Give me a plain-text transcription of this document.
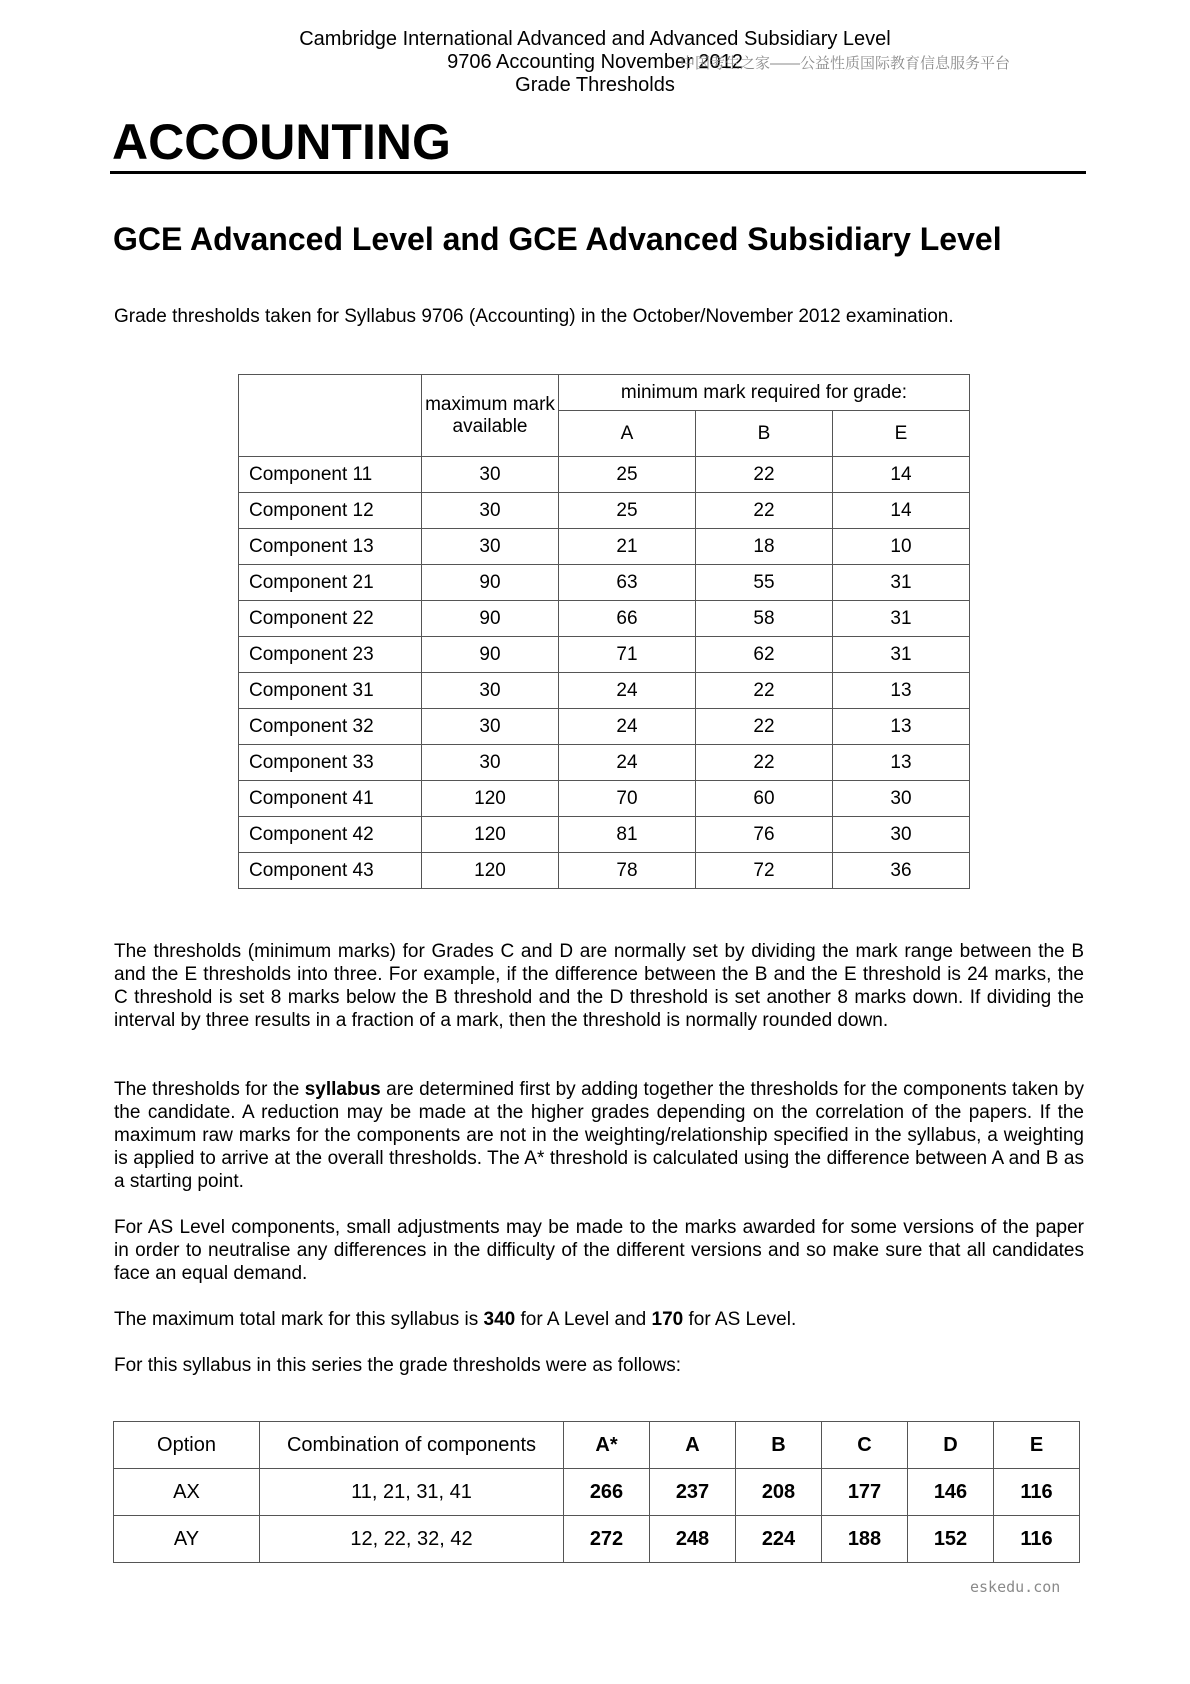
Cambridge International Advanced and Advanced Subsidiary Level
9706 Accounting November 2012
Grade Thresholds
中国考生之家——公益性质国际教育信息服务平台
ACCOUNTING
GCE Advanced Level and GCE Advanced Subsidiary Level

Grade thresholds taken for Syllabus 9706 (Accounting) in the October/November 2012 examination.

	maximum mark available	minimum mark required for grade:		
		A	B	E
Component 11	30	25	22	14
Component 12	30	25	22	14
Component 13	30	21	18	10
Component 21	90	63	55	31
Component 22	90	66	58	31
Component 23	90	71	62	31
Component 31	30	24	22	13
Component 32	30	24	22	13
Component 33	30	24	22	13
Component 41	120	70	60	30
Component 42	120	81	76	30
Component 43	120	78	72	36

The thresholds (minimum marks) for Grades C and D are normally set by dividing the mark range between the B and the E thresholds into three. For example, if the difference between the B and the E threshold is 24 marks, the C threshold is set 8 marks below the B threshold and the D threshold is set another 8 marks down. If dividing the interval by three results in a fraction of a mark, then the threshold is normally rounded down.

The thresholds for the syllabus are determined first by adding together the thresholds for the components taken by the candidate. A reduction may be made at the higher grades depending on the correlation of the papers. If the maximum raw marks for the components are not in the weighting/relationship specified in the syllabus, a weighting is applied to arrive at the overall thresholds. The A* threshold is calculated using the difference between A and B as a starting point.

For AS Level components, small adjustments may be made to the marks awarded for some versions of the paper in order to neutralise any differences in the difficulty of the different versions and so make sure that all candidates face an equal demand.

The maximum total mark for this syllabus is 340 for A Level and 170 for AS Level.

For this syllabus in this series the grade thresholds were as follows:

Option	Combination of components	A*	A	B	C	D	E
AX	11, 21, 31, 41	266	237	208	177	146	116
AY	12, 22, 32, 42	272	248	224	188	152	116
eskedu.con
